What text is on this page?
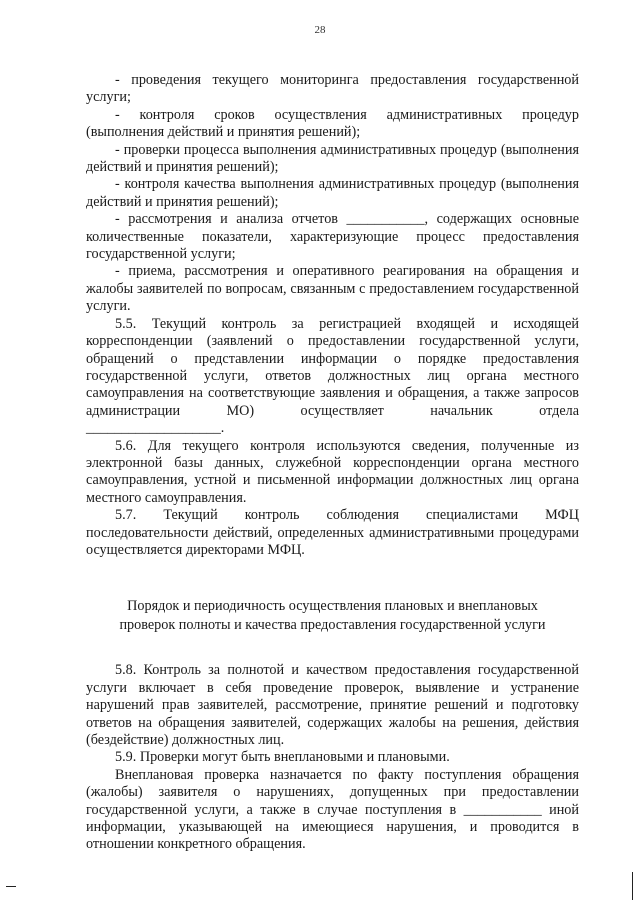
28

- проведения текущего мониторинга предоставления государственной услуги;

- контроля сроков осуществления административных процедур (выполнения действий и принятия решений);

- проверки процесса выполнения административных процедур (выполнения действий и принятия решений);

- контроля качества выполнения административных процедур (выполнения действий и принятия решений);

- рассмотрения и анализа отчетов ___________, содержащих основные количественные показатели, характеризующие процесс предоставления государственной услуги;

- приема, рассмотрения и оперативного реагирования на обращения и жалобы заявителей по вопросам, связанным с предоставлением государственной услуги.

5.5. Текущий контроль за регистрацией входящей и исходящей корреспонденции (заявлений о предоставлении государственной услуги, обращений о представлении информации о порядке предоставления государственной услуги, ответов должностных лиц органа местного самоуправления на соответствующие заявления и обращения, а также запросов администрации МО) осуществляет начальник отдела

___________________.

5.6. Для текущего контроля используются сведения, полученные из электронной базы данных, служебной корреспонденции органа местного самоуправления, устной и письменной информации должностных лиц органа местного самоуправления.

5.7. Текущий контроль соблюдения специалистами МФЦ последовательности действий, определенных административными процедурами осуществляется директорами МФЦ.

Порядок и периодичность осуществления плановых и внеплановых
проверок полноты и качества предоставления государственной услуги

5.8. Контроль за полнотой и качеством предоставления государственной услуги включает в себя проведение проверок, выявление и устранение нарушений прав заявителей, рассмотрение, принятие решений и подготовку ответов на обращения заявителей, содержащих жалобы на решения, действия (бездействие) должностных лиц.

5.9. Проверки могут быть внеплановыми и плановыми.

Внеплановая проверка назначается по факту поступления обращения (жалобы) заявителя о нарушениях, допущенных при предоставлении государственной услуги, а также в случае поступления в ___________ иной информации, указывающей на имеющиеся нарушения, и проводится в отношении конкретного обращения.
